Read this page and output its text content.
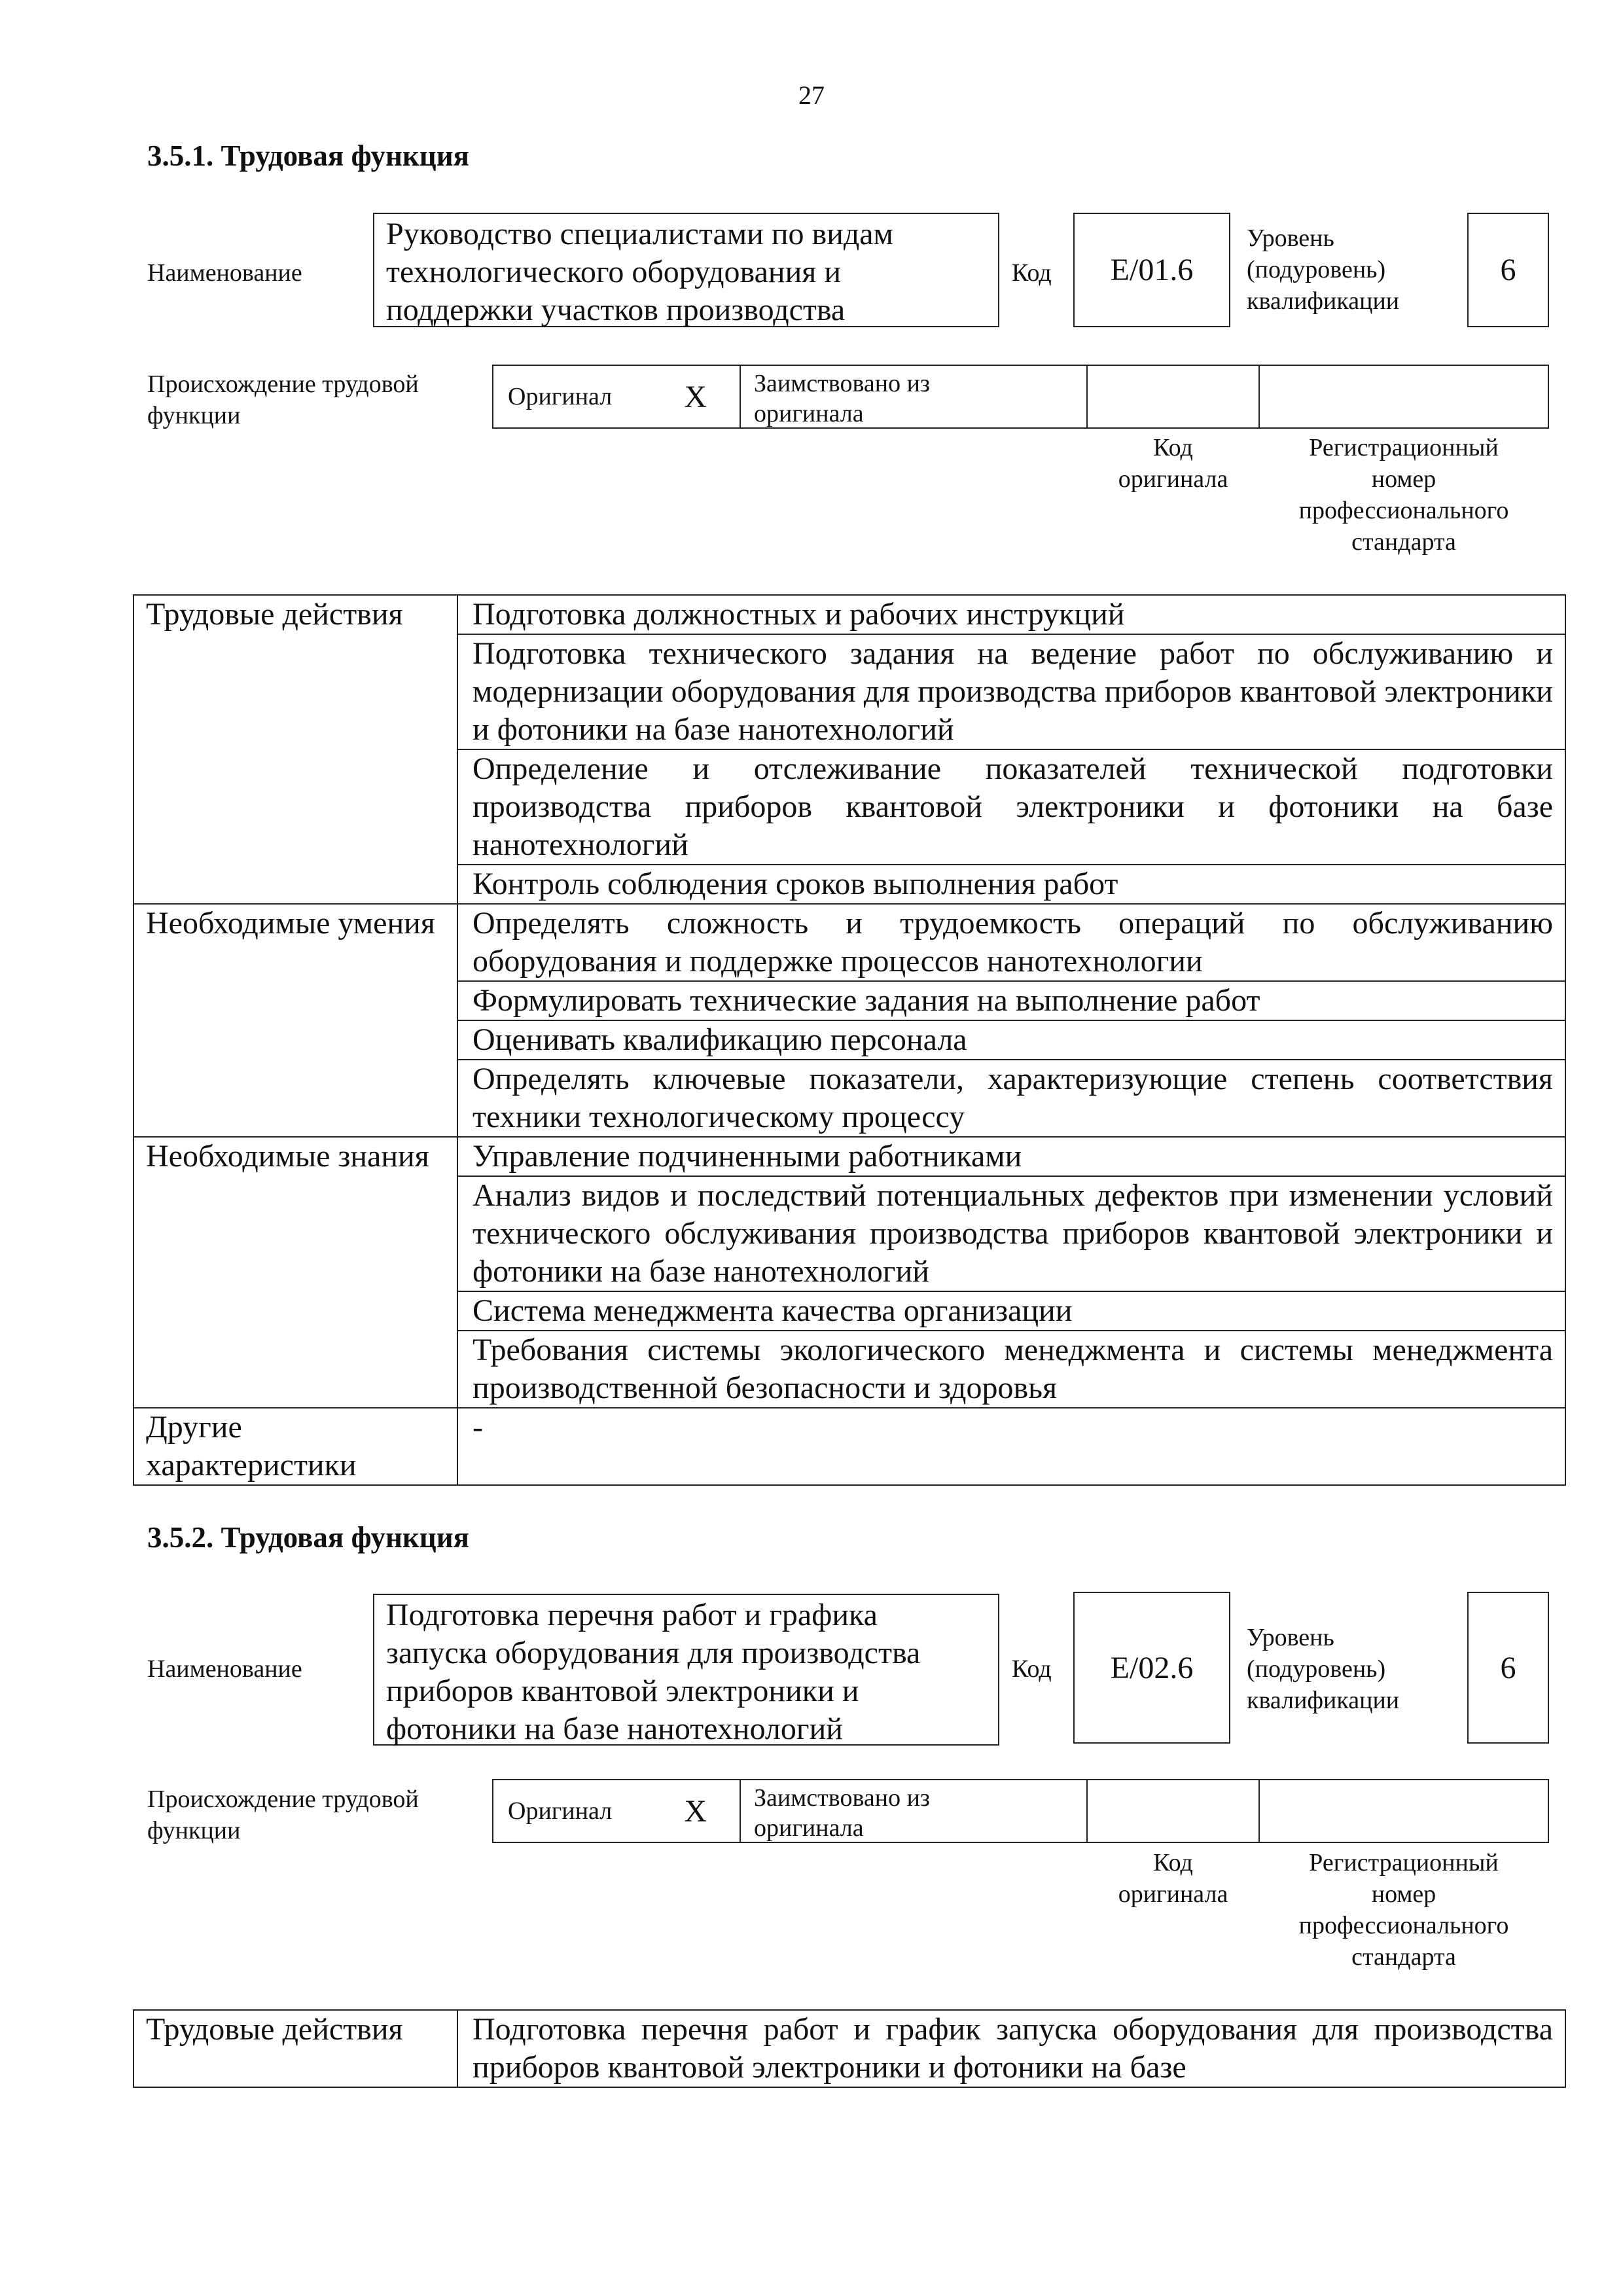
27
3.5.1. Трудовая функция
Наименование
Руководство специалистами по видам
технологического оборудования и
поддержки участков производства
Код	E/01.6
Уровень
(подуровень)
квалификации
6
Происхождение трудовой
функции
Оригинал X Заимствовано из
оригинала
Код
оригинала
Регистрационный
номер
профессионального
стандарта
Трудовые действия	Подготовка должностных и рабочих инструкций
	Подготовка технического задания на ведение работ по обслуживанию и модернизации оборудования для производства приборов квантовой электроники и фотоники на базе нанотехнологий
	Определение и отслеживание показателей технической подготовки производства приборов квантовой электроники и фотоники на базе нанотехнологий
	Контроль соблюдения сроков выполнения работ
Необходимые умения	Определять сложность и трудоемкость операций по обслуживанию оборудования и поддержке процессов нанотехнологии
	Формулировать технические задания на выполнение работ
	Оценивать квалификацию персонала
	Определять ключевые показатели, характеризующие степень соответствия техники технологическому процессу
Необходимые знания	Управление подчиненными работниками
	Анализ видов и последствий потенциальных дефектов при изменении условий технического обслуживания производства приборов квантовой электроники и фотоники на базе нанотехнологий
	Система менеджмента качества организации
	Требования системы экологического менеджмента и системы менеджмента производственной безопасности и здоровья
Другие характеристики	-
3.5.2. Трудовая функция
Наименование
Подготовка перечня работ и графика
запуска оборудования для производства
приборов квантовой электроники и
фотоники на базе нанотехнологий
Код	E/02.6
Уровень
(подуровень)
квалификации
6
Происхождение трудовой
функции
Оригинал X Заимствовано из
оригинала
Код
оригинала
Регистрационный
номер
профессионального
стандарта
Трудовые действия	Подготовка перечня работ и график запуска оборудования для производства приборов квантовой электроники и фотоники на базе
